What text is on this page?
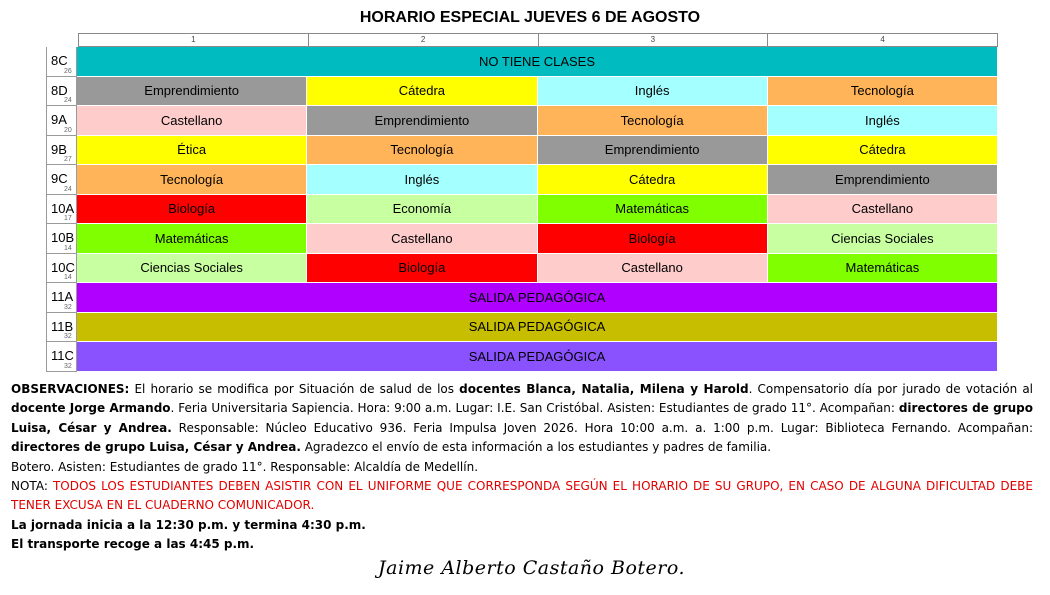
HORARIO ESPECIAL JUEVES 6 DE AGOSTO
1	2	3	4
8C
26
NO TIENE CLASES
8D
24
Emprendimiento	Cátedra	Inglés	Tecnología
9A
20
Castellano	Emprendimiento	Tecnología	Inglés
9B
27
Ética	Tecnología	Emprendimiento	Cátedra
9C
24
Tecnología	Inglés	Cátedra	Emprendimiento
10A
17
Biología	Economía	Matemáticas	Castellano
10B
14
Matemáticas	Castellano	Biología	Ciencias Sociales
10C
14
Ciencias Sociales	Biología	Castellano	Matemáticas
11A
32
SALIDA PEDAGÓGICA
11B
32
SALIDA PEDAGÓGICA
11C
32
SALIDA PEDAGÓGICA

OBSERVACIONES: El horario se modifica por Situación de salud de los docentes Blanca, Natalia, Milena y Harold. Compensatorio día por jurado de votación al docente Jorge Armando. Feria Universitaria Sapiencia. Hora: 9:00 a.m. Lugar: I.E. San Cristóbal. Asisten: Estudiantes de grado 11°. Acompañan: directores de grupo Luisa, César y Andrea. Responsable: Núcleo Educativo 936. Feria Impulsa Joven 2026. Hora 10:00 a.m. a. 1:00 p.m. Lugar: Biblioteca Fernando. Acompañan: directores de grupo Luisa, César y Andrea. Agradezco el envío de esta información a los estudiantes y padres de familia.

Botero. Asisten: Estudiantes de grado 11°. Responsable: Alcaldía de Medellín.

NOTA: TODOS LOS ESTUDIANTES DEBEN ASISTIR CON EL UNIFORME QUE CORRESPONDA SEGÚN EL HORARIO DE SU GRUPO, EN CASO DE ALGUNA DIFICULTAD DEBE TENER EXCUSA EN EL CUADERNO COMUNICADOR.

La jornada inicia a la 12:30 p.m. y termina 4:30 p.m.

El transporte recoge a las 4:45 p.m.

Jaime Alberto Castaño Botero.
